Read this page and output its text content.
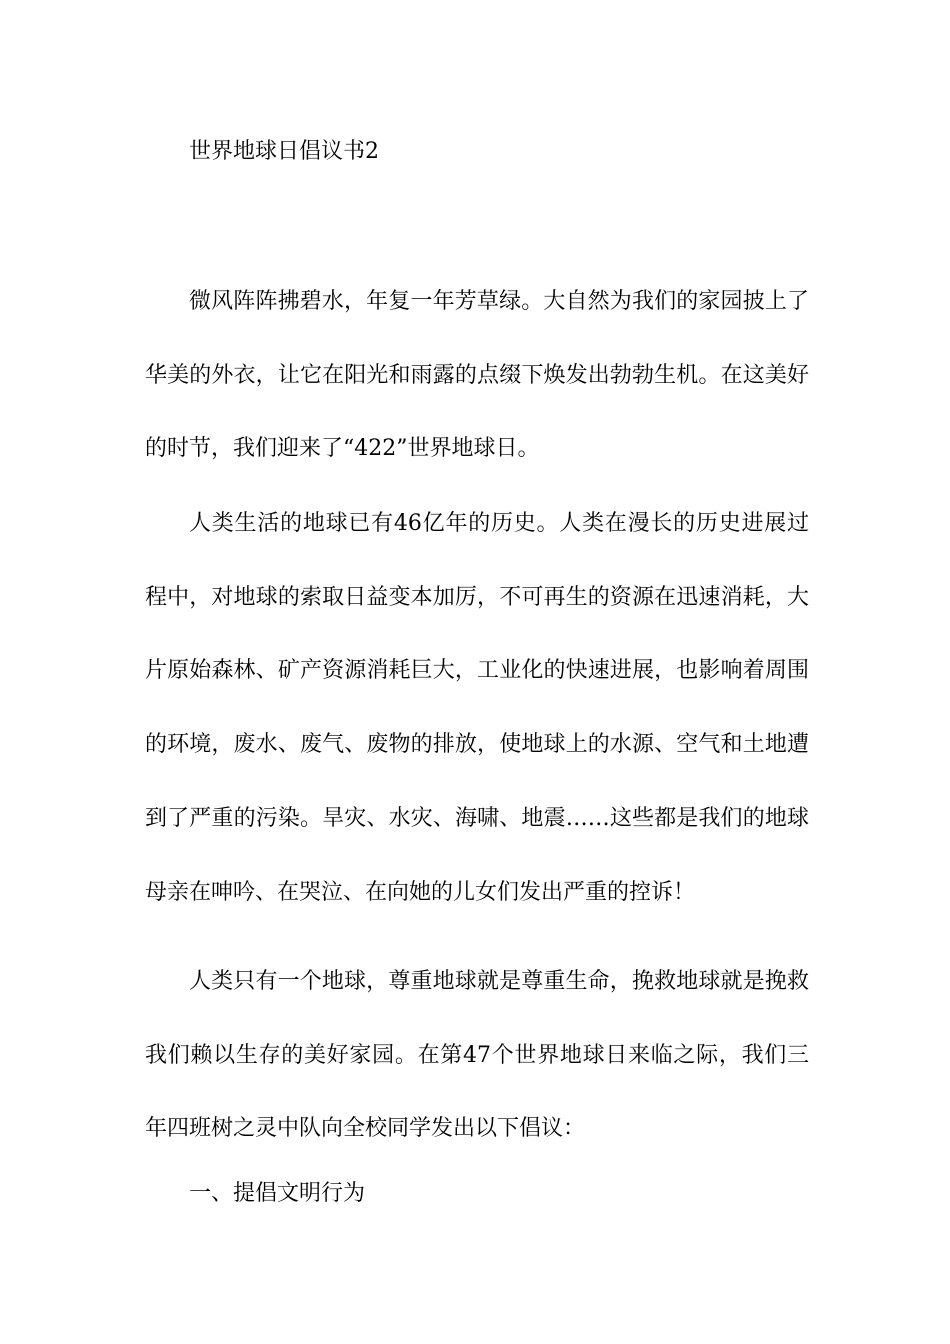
世界地球日倡议书2

微风阵阵拂碧水，年复一年芳草绿。大自然为我们的家园披上了华美的外衣，让它在阳光和雨露的点缀下焕发出勃勃生机。在这美好的时节，我们迎来了“422”世界地球日。

人类生活的地球已有46亿年的历史。人类在漫长的历史进展过程中，对地球的索取日益变本加厉，不可再生的资源在迅速消耗，大片原始森林、矿产资源消耗巨大，工业化的快速进展，也影响着周围的环境，废水、废气、废物的排放，使地球上的水源、空气和土地遭到了严重的污染。旱灾、水灾、海啸、地震……这些都是我们的地球母亲在呻吟、在哭泣、在向她的儿女们发出严重的控诉！

人类只有一个地球，尊重地球就是尊重生命，挽救地球就是挽救我们赖以生存的美好家园。在第47个世界地球日来临之际，我们三年四班树之灵中队向全校同学发出以下倡议：

一、提倡文明行为
